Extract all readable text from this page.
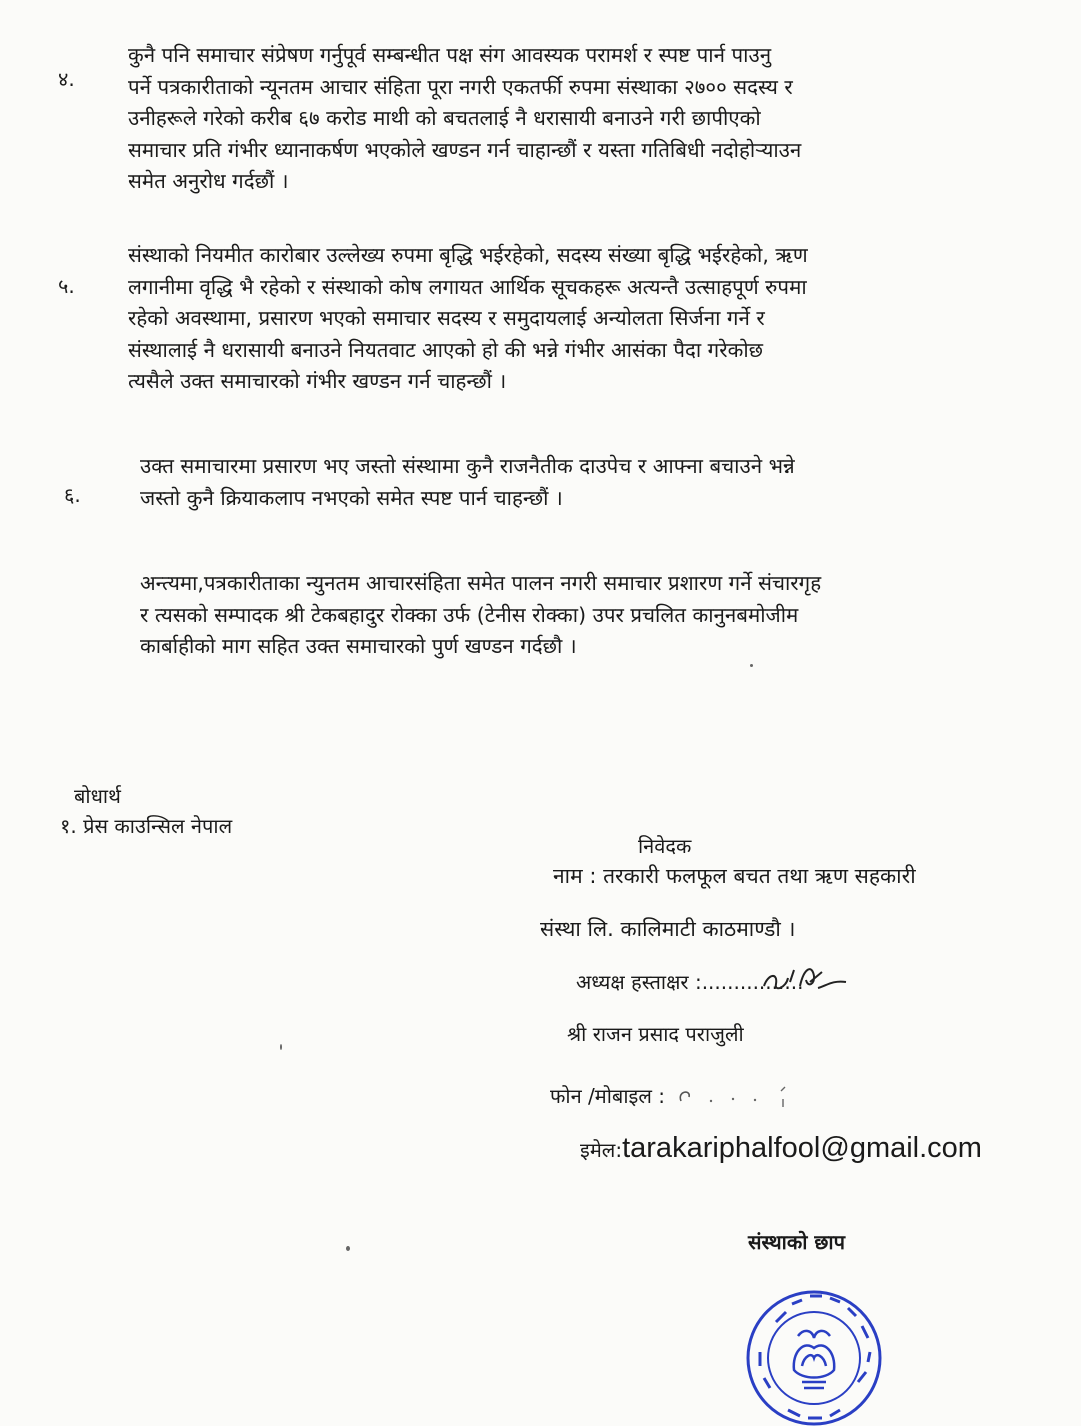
४.
कुनै पनि समाचार संप्रेषण गर्नुपूर्व सम्बन्धीत पक्ष संग आवस्यक परामर्श र स्पष्ट पार्न पाउनु
पर्ने पत्रकारीताको न्यूनतम आचार संहिता पूरा नगरी एकतर्फी रुपमा संस्थाका २७०० सदस्य र
उनीहरूले गरेको करीब ६७ करोड माथी को बचतलाई नै धरासायी बनाउने गरी छापीएको
समाचार प्रति गंभीर ध्यानाकर्षण भएकोले खण्डन गर्न चाहान्छौं र यस्ता गतिबिधी नदोहोऱ्याउन
समेत अनुरोध गर्दछौं ।
५.
संस्थाको नियमीत कारोबार उल्लेख्य रुपमा बृद्धि भईरहेको, सदस्य संख्या बृद्धि भईरहेको, ऋण
लगानीमा वृद्धि भै रहेको र संस्थाको कोष लगायत आर्थिक सूचकहरू अत्यन्तै उत्साहपूर्ण रुपमा
रहेको अवस्थामा, प्रसारण भएको समाचार सदस्य र समुदायलाई अन्योलता सिर्जना गर्ने र
संस्थालाई नै धरासायी बनाउने नियतवाट आएको हो की भन्ने गंभीर आसंका पैदा गरेकोछ
त्यसैले उक्त समाचारको गंभीर खण्डन गर्न चाहन्छौं ।
६.
उक्त समाचारमा प्रसारण भए जस्तो संस्थामा कुनै राजनैतीक दाउपेच र आफ्ना बचाउने भन्ने
जस्तो कुनै क्रियाकलाप नभएको समेत स्पष्ट पार्न चाहन्छौं ।
अन्त्यमा,पत्रकारीताका न्युनतम आचारसंहिता समेत पालन नगरी समाचार प्रशारण गर्ने संचारगृह
र त्यसको सम्पादक श्री टेकबहादुर रोक्का उर्फ (टेनीस रोक्का) उपर प्रचलित कानुनबमोजीम
कार्बाहीको माग सहित उक्त समाचारको पुर्ण खण्डन गर्दछौ ।
बोधार्थ
१. प्रेस काउन्सिल नेपाल
निवेदक
नाम : तरकारी फलफूल बचत तथा ऋण सहकारी
संस्था लि. कालिमाटी काठमाण्डौ ।
अध्यक्ष हस्ताक्षर :................
श्री राजन प्रसाद पराजुली
फोन /मोबाइल :
इमेल:tarakariphalfool@gmail.com
संस्थाको छाप
